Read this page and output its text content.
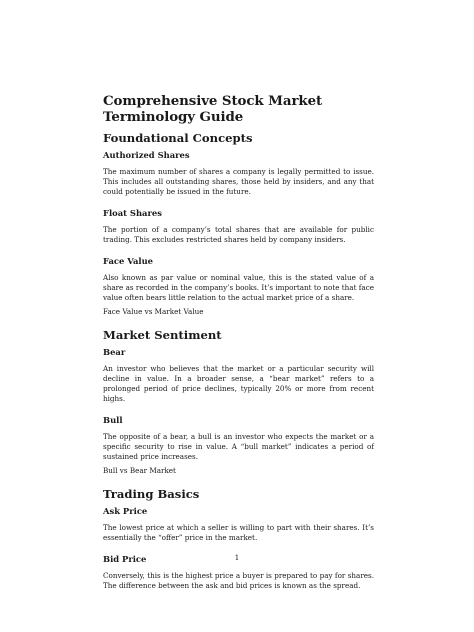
Comprehensive Stock Market Terminology Guide
Foundational Concepts
Authorized Shares

The maximum number of shares a company is legally permitted to issue. This includes all outstanding shares, those held by insiders, and any that could potentially be issued in the future.

Float Shares

The portion of a company’s total shares that are available for public trading. This excludes restricted shares held by company insiders.

Face Value

Also known as par value or nominal value, this is the stated value of a share as recorded in the company’s books. It’s important to note that face value often bears little relation to the actual market price of a share.

Face Value vs Market Value

Market Sentiment
Bear

An investor who believes that the market or a particular security will decline in value. In a broader sense, a “bear market” refers to a prolonged period of price declines, typically 20% or more from recent highs.

Bull

The opposite of a bear, a bull is an investor who expects the market or a specific security to rise in value. A “bull market” indicates a period of sustained price increases.

Bull vs Bear Market

Trading Basics
Ask Price

The lowest price at which a seller is willing to part with their shares. It’s essentially the “offer” price in the market.

Bid Price

Conversely, this is the highest price a buyer is prepared to pay for shares. The difference between the ask and bid prices is known as the spread.

1
